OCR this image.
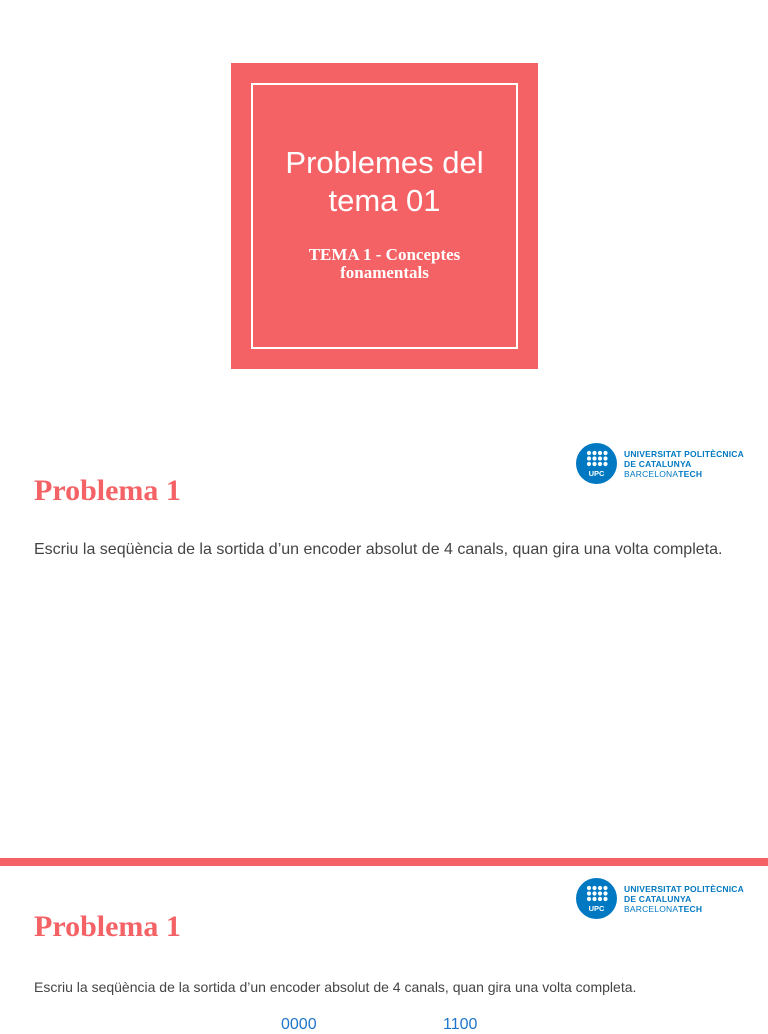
Problemes del tema 01
TEMA 1 - Conceptes fonamentals
UPC
UNIVERSITAT POLITÈCNICA
DE CATALUNYA
BARCELONATECH
Problema 1
Escriu la seqüència de la sortida d’un encoder absolut de 4 canals, quan gira una volta completa.
UPC
UNIVERSITAT POLITÈCNICA
DE CATALUNYA
BARCELONATECH
Problema 1
Escriu la seqüència de la sortida d’un encoder absolut de 4 canals, quan gira una volta completa.
0000	1100
